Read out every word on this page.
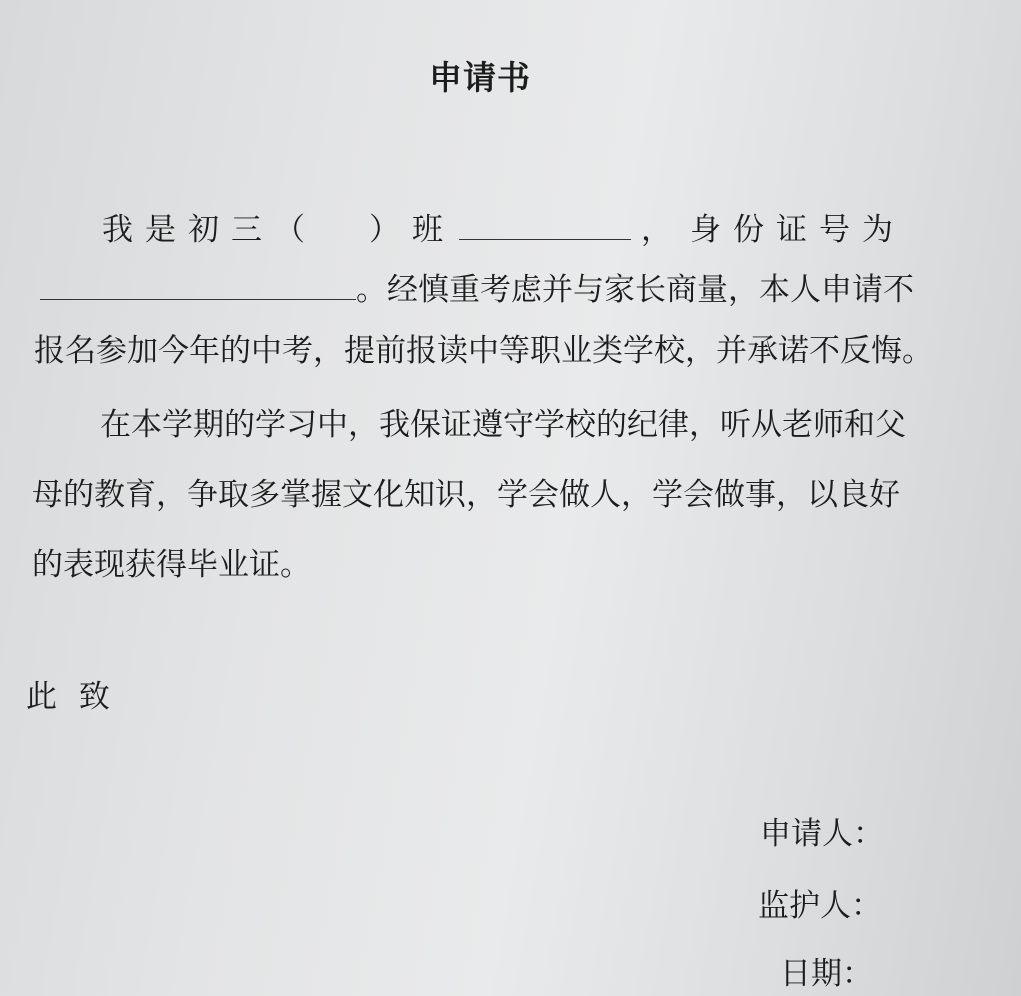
申请书
我是初三（ ）班	， 身份证号为
。经慎重考虑并与家长商量，本人申请不
报名参加今年的中考，提前报读中等职业类学校，并承诺不反悔。
在本学期的学习中，我保证遵守学校的纪律，听从老师和父
母的教育，争取多掌握文化知识，学会做人，学会做事，以良好
的表现获得毕业证。
此 致
申请人：
监护人：
日期：
